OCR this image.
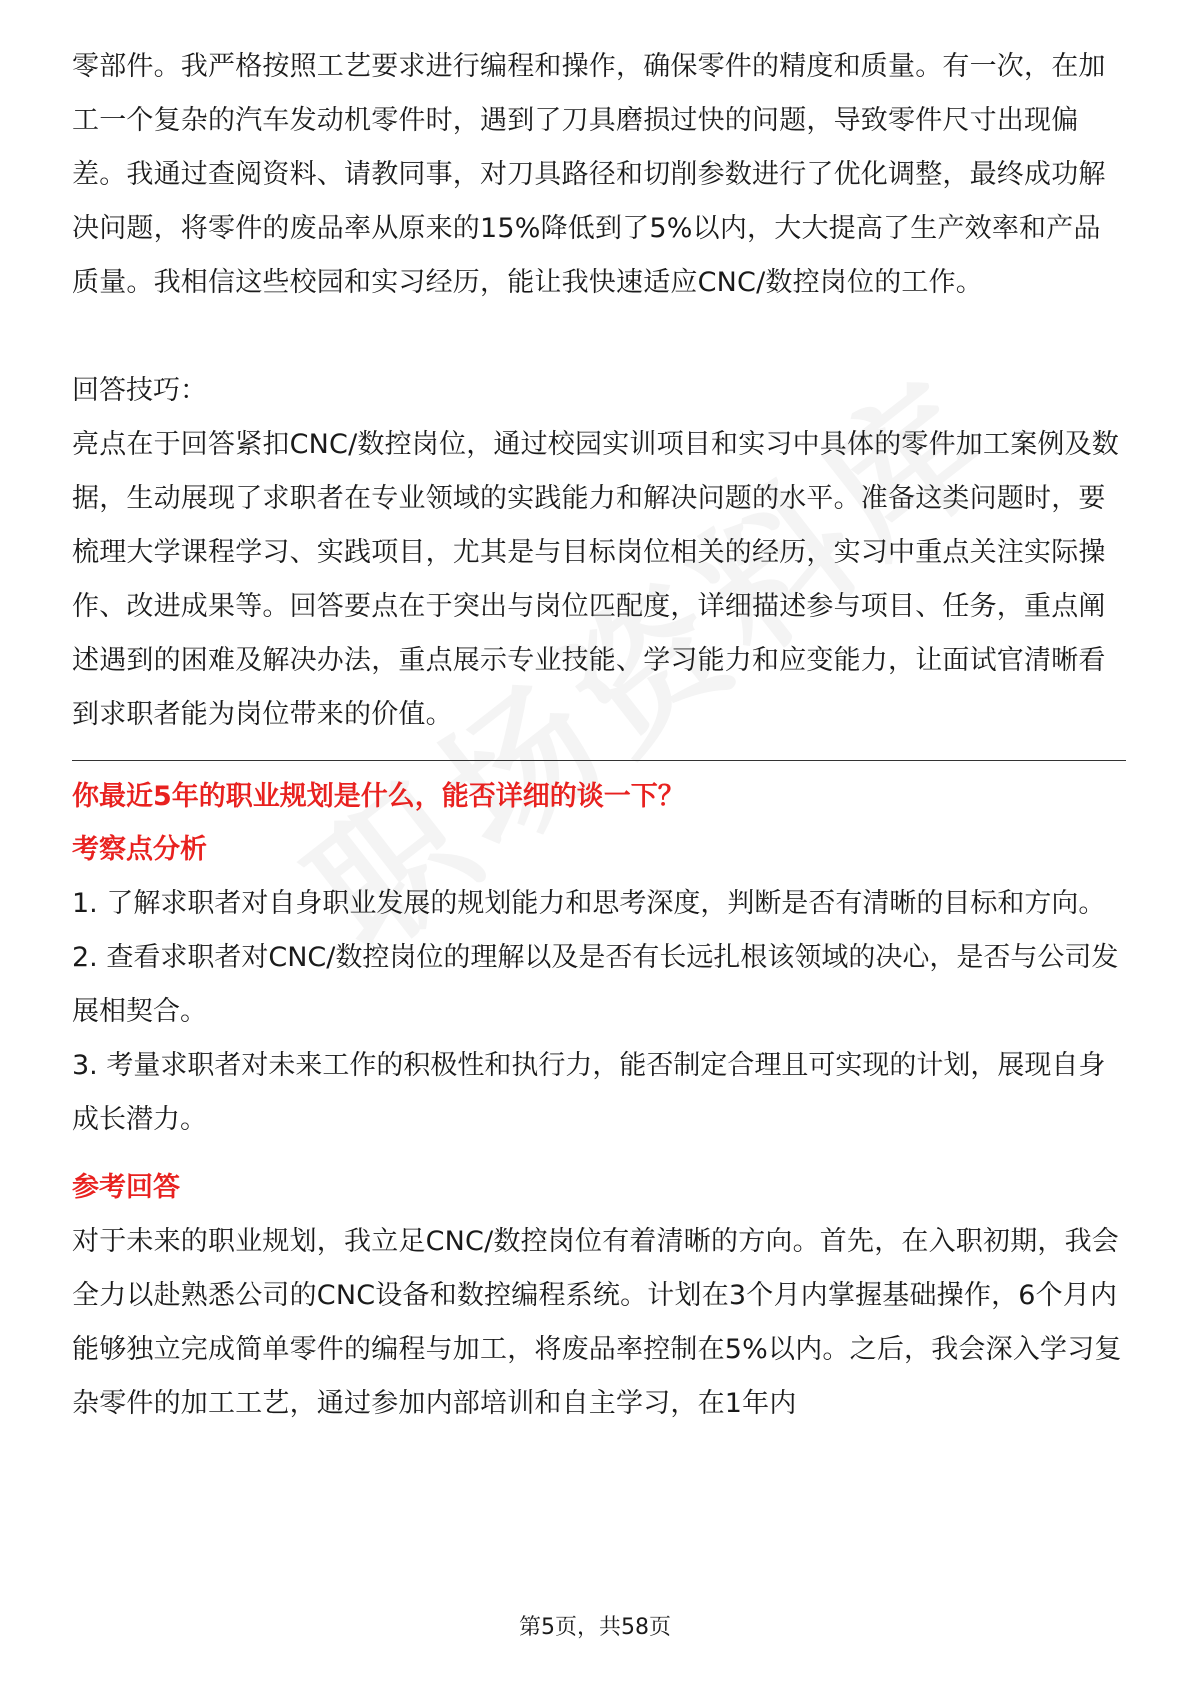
零部件。我严格按照工艺要求进行编程和操作，确保零件的精度和质量。有一次，在加工一个复杂的汽车发动机零件时，遇到了刀具磨损过快的问题，导致零件尺寸出现偏差。我通过查阅资料、请教同事，对刀具路径和切削参数进行了优化调整，最终成功解决问题，将零件的废品率从原来的15%降低到了5%以内，大大提高了生产效率和产品质量。我相信这些校园和实习经历，能让我快速适应CNC/数控岗位的工作。

回答技巧：

亮点在于回答紧扣CNC/数控岗位，通过校园实训项目和实习中具体的零件加工案例及数据，生动展现了求职者在专业领域的实践能力和解决问题的水平。准备这类问题时，要梳理大学课程学习、实践项目，尤其是与目标岗位相关的经历，实习中重点关注实际操作、改进成果等。回答要点在于突出与岗位匹配度，详细描述参与项目、任务，重点阐述遇到的困难及解决办法，重点展示专业技能、学习能力和应变能力，让面试官清晰看到求职者能为岗位带来的价值。

你最近5年的职业规划是什么，能否详细的谈一下？

考察点分析

1. 了解求职者对自身职业发展的规划能力和思考深度，判断是否有清晰的目标和方向。

2. 查看求职者对CNC/数控岗位的理解以及是否有长远扎根该领域的决心，是否与公司发展相契合。

3. 考量求职者对未来工作的积极性和执行力，能否制定合理且可实现的计划，展现自身成长潜力。

参考回答

对于未来的职业规划，我立足CNC/数控岗位有着清晰的方向。首先，在入职初期，我会全力以赴熟悉公司的CNC设备和数控编程系统。计划在3个月内掌握基础操作，6个月内能够独立完成简单零件的编程与加工，将废品率控制在5%以内。之后，我会深入学习复杂零件的加工工艺，通过参加内部培训和自主学习，在1年内

第5页，共58页
